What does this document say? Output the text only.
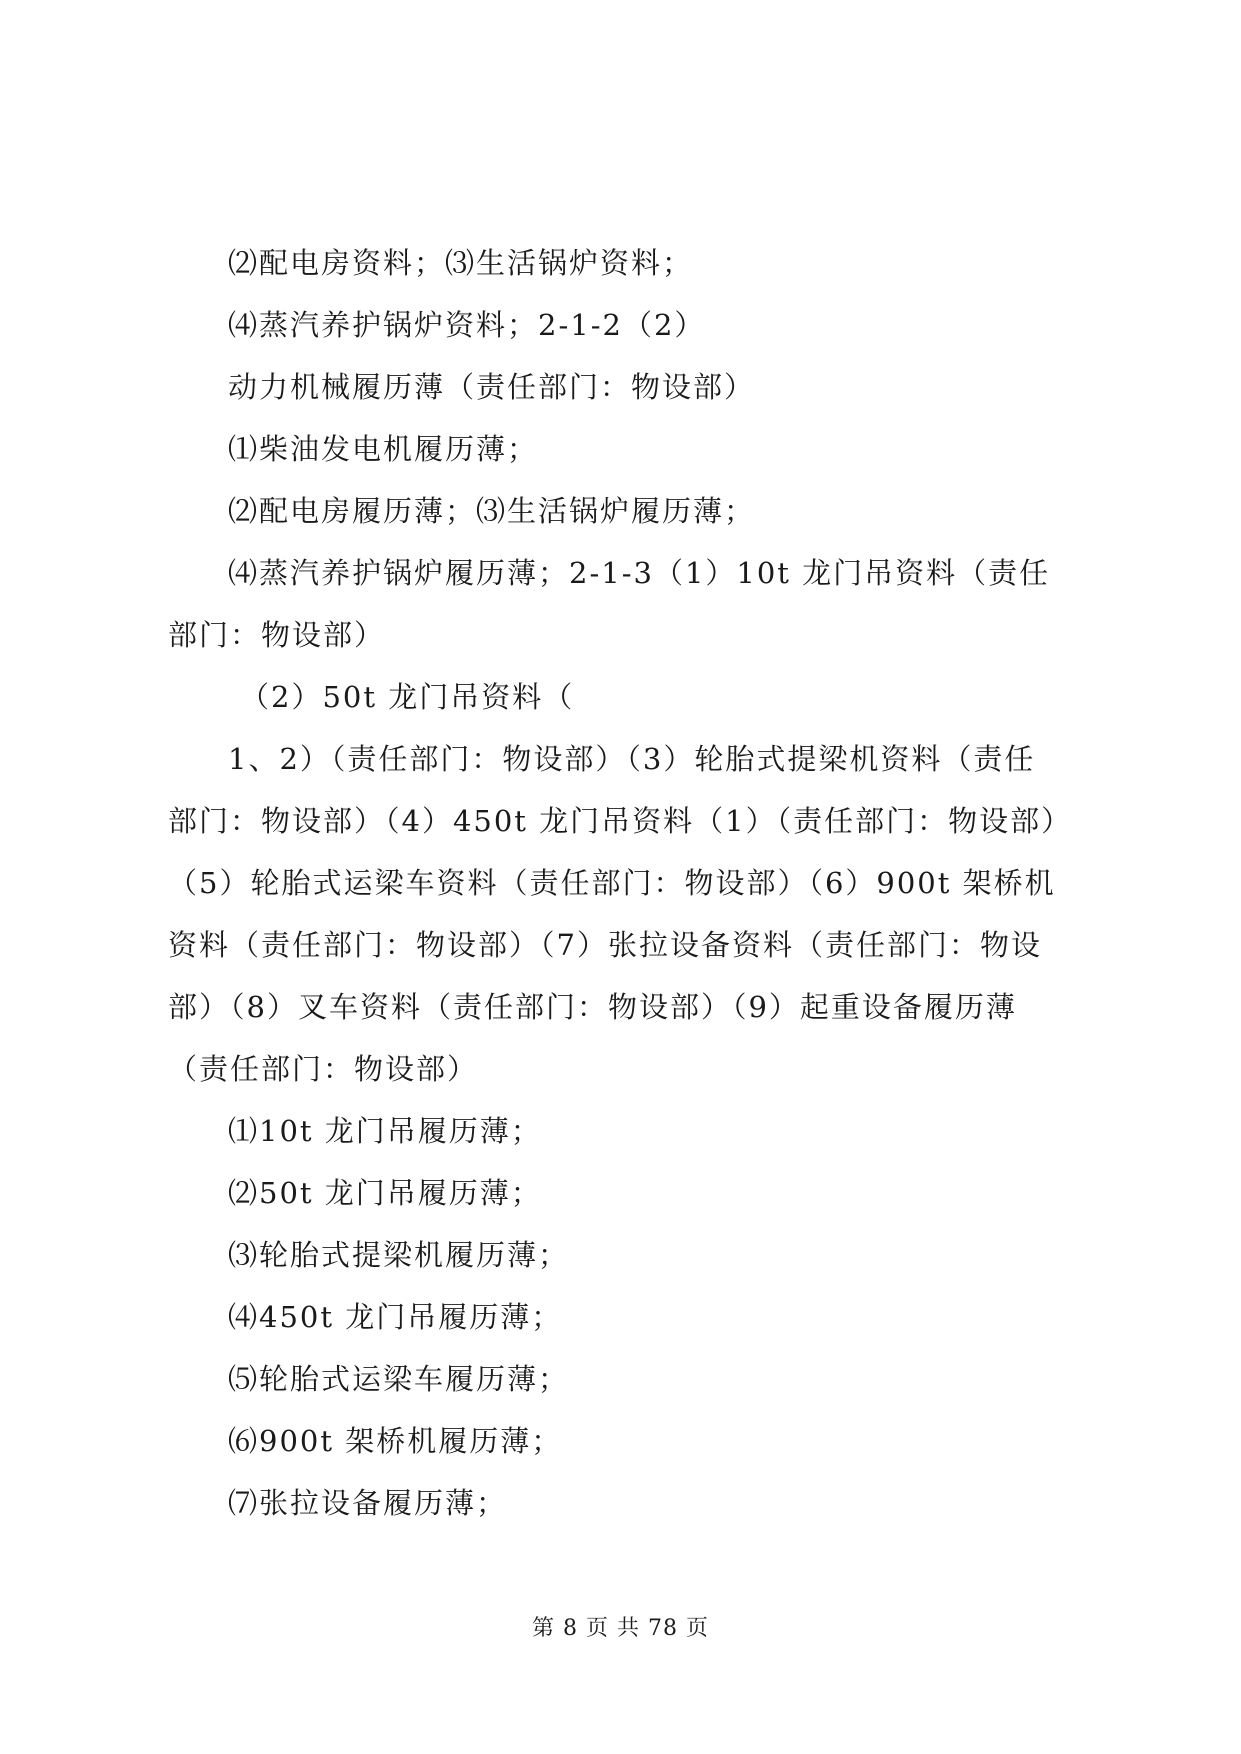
⑵配电房资料；⑶生活锅炉资料；
⑷蒸汽养护锅炉资料；2-1-2（2）
动力机械履历薄（责任部门：物设部）
⑴柴油发电机履历薄；
⑵配电房履历薄；⑶生活锅炉履历薄；
⑷蒸汽养护锅炉履历薄；2-1-3（1）10t 龙门吊资料（责任
部门：物设部）
（2）50t 龙门吊资料（
1、2）（责任部门：物设部）（3）轮胎式提梁机资料（责任
部门：物设部）（4）450t 龙门吊资料（1）（责任部门：物设部）
（5）轮胎式运梁车资料（责任部门：物设部）（6）900t 架桥机
资料（责任部门：物设部）（7）张拉设备资料（责任部门：物设
部）（8）叉车资料（责任部门：物设部）（9）起重设备履历薄
（责任部门：物设部）
⑴10t 龙门吊履历薄；
⑵50t 龙门吊履历薄；
⑶轮胎式提梁机履历薄；
⑷450t 龙门吊履历薄；
⑸轮胎式运梁车履历薄；
⑹900t 架桥机履历薄；
⑺张拉设备履历薄；
第 8 页 共 78 页
